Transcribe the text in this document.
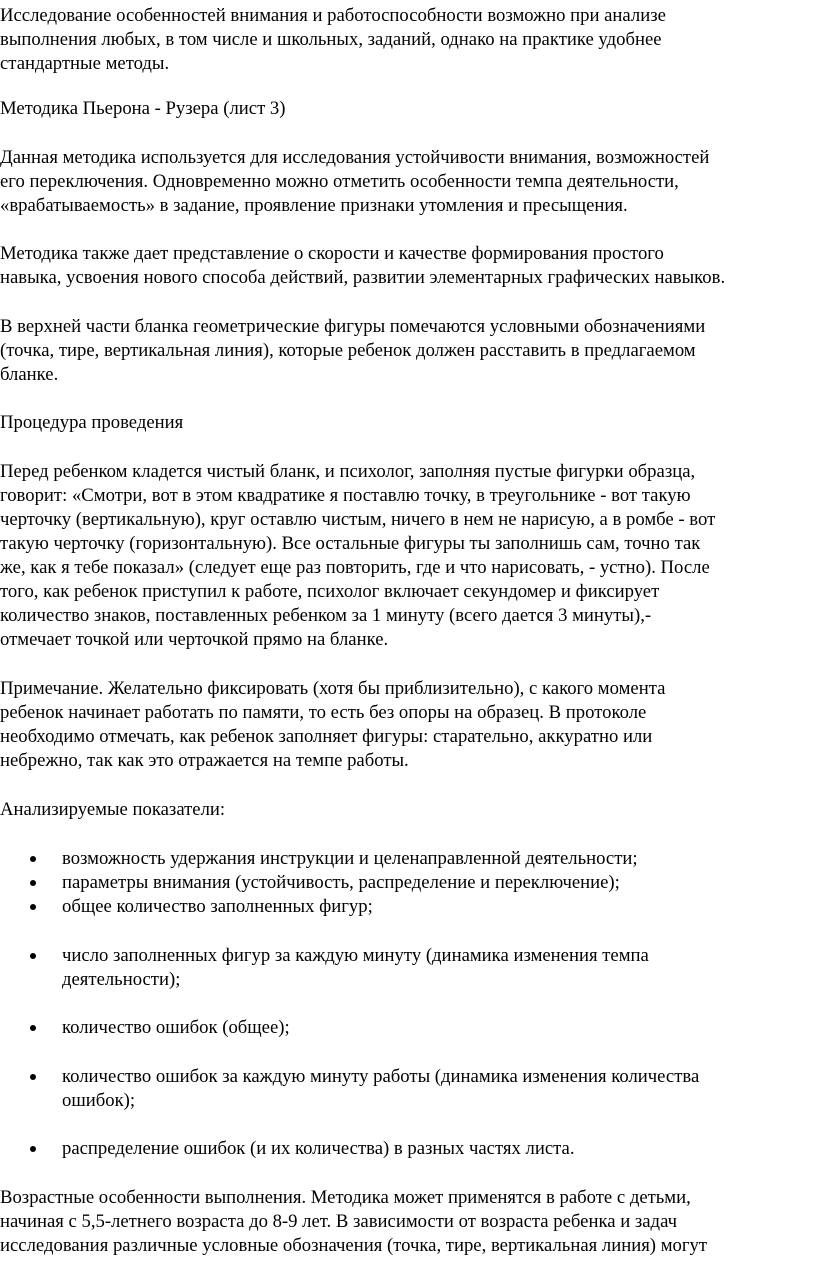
Исследование особенностей внимания и работоспособности возможно при анализе
выполнения любых, в том числе и школьных, заданий, однако на практике удобнее
стандартные методы.
Методика Пьерона - Рузера (лист 3)
Данная методика используется для исследования устойчивости внимания, возможностей
его переключения. Одновременно можно отметить особенности темпа деятельности,
«врабатываемость» в задание, проявление признаки утомления и пресыщения.
Методика также дает представление о скорости и качестве формирования простого
навыка, усвоения нового способа действий, развитии элементарных графических навыков.
В верхней части бланка геометрические фигуры помечаются условными обозначениями
(точка, тире, вертикальная линия), которые ребенок должен расставить в предлагаемом
бланке.
Процедура проведения
Перед ребенком кладется чистый бланк, и психолог, заполняя пустые фигурки образца,
говорит: «Смотри, вот в этом квадратике я поставлю точку, в треугольнике - вот такую
черточку (вертикальную), круг оставлю чистым, ничего в нем не нарисую, а в ромбе - вот
такую черточку (горизонтальную). Все остальные фигуры ты заполнишь сам, точно так
же, как я тебе показал» (следует еще раз повторить, где и что нарисовать, - устно). После
того, как ребенок приступил к работе, психолог включает секундомер и фиксирует
количество знаков, поставленных ребенком за 1 минуту (всего дается 3 минуты),-
отмечает точкой или черточкой прямо на бланке.
Примечание. Желательно фиксировать (хотя бы приблизительно), с какого момента
ребенок начинает работать по памяти, то есть без опоры на образец. В протоколе
необходимо отмечать, как ребенок заполняет фигуры: старательно, аккуратно или
небрежно, так как это отражается на темпе работы.
Анализируемые показатели:
возможность удержания инструкции и целенаправленной деятельности;
параметры внимания (устойчивость, распределение и переключение);
общее количество заполненных фигур;
число заполненных фигур за каждую минуту (динамика изменения темпа
деятельности);
количество ошибок (общее);
количество ошибок за каждую минуту работы (динамика изменения количества
ошибок);
распределение ошибок (и их количества) в разных частях листа.
Возрастные особенности выполнения. Методика может применятся в работе с детьми,
начиная с 5,5-летнего возраста до 8-9 лет. В зависимости от возраста ребенка и задач
исследования различные условные обозначения (точка, тире, вертикальная линия) могут
